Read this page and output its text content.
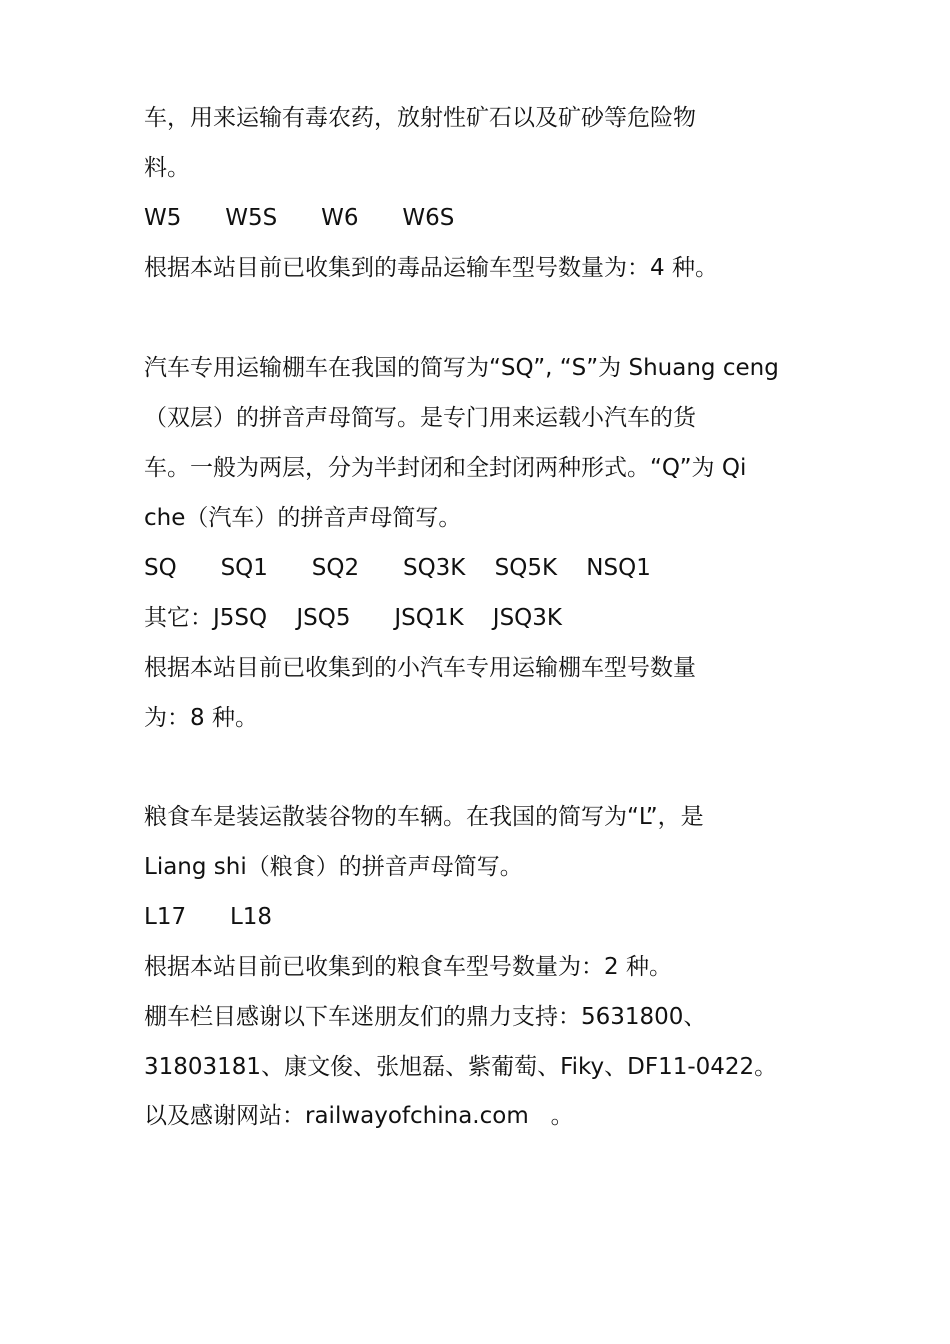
车，用来运输有毒农药，放射性矿石以及矿砂等危险物
料。
W5      W5S      W6      W6S
根据本站目前已收集到的毒品运输车型号数量为：4 种。
汽车专用运输棚车在我国的简写为“SQ”, “S”为 Shuang ceng
（双层）的拼音声母简写。是专门用来运载小汽车的货
车。一般为两层，分为半封闭和全封闭两种形式。“Q”为 Qi
che（汽车）的拼音声母简写。
SQ      SQ1      SQ2      SQ3K    SQ5K    NSQ1
其它：J5SQ    JSQ5      JSQ1K    JSQ3K
根据本站目前已收集到的小汽车专用运输棚车型号数量
为：8 种。
粮食车是装运散装谷物的车辆。在我国的简写为“L”，是
Liang shi（粮食）的拼音声母简写。
L17      L18
根据本站目前已收集到的粮食车型号数量为：2 种。
棚车栏目感谢以下车迷朋友们的鼎力支持：5631800、
31803181、康文俊、张旭磊、紫葡萄、Fiky、DF11-0422。
以及感谢网站：railwayofchina.com   。
